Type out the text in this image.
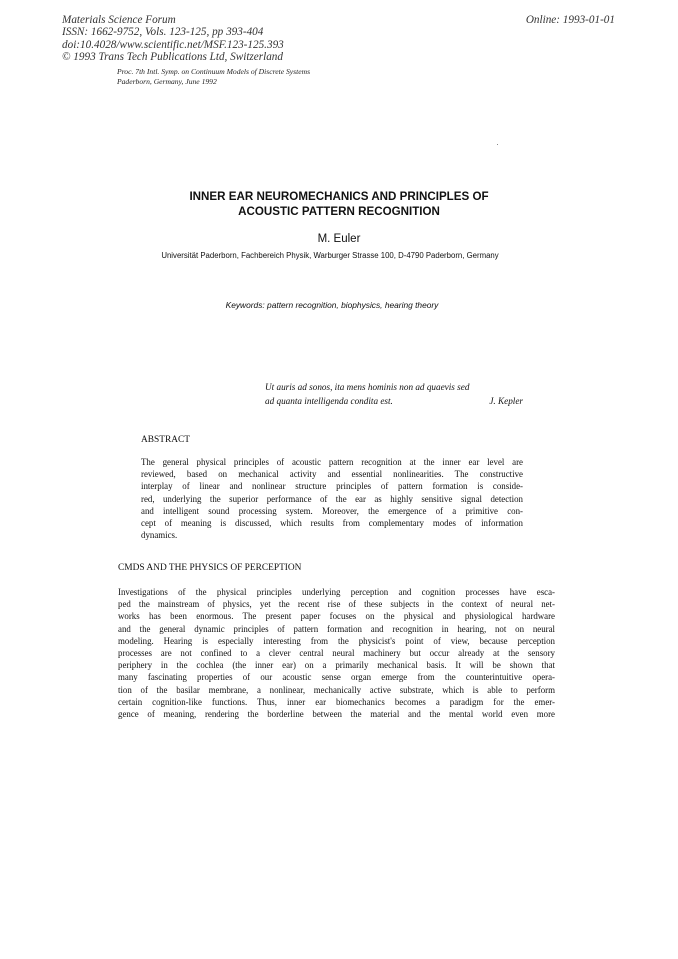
Materials Science Forum
ISSN: 1662-9752, Vols. 123-125, pp 393-404
doi:10.4028/www.scientific.net/MSF.123-125.393
© 1993 Trans Tech Publications Ltd, Switzerland
Online: 1993-01-01
Proc. 7th Intl. Symp. on Continuum Models of Discrete Systems
Paderborn, Germany, June 1992
INNER EAR NEUROMECHANICS AND PRINCIPLES OF
ACOUSTIC PATTERN RECOGNITION
M. Euler
Universität Paderborn, Fachbereich Physik, Warburger Strasse 100, D-4790 Paderborn, Germany
Keywords: pattern recognition, biophysics, hearing theory
Ut auris ad sonos, ita mens hominis non ad quaevis sed
ad quanta intelligenda condita est.	J. Kepler
ABSTRACT
The general physical principles of acoustic pattern recognition at the inner ear level are
reviewed, based on mechanical activity and essential nonlinearities. The constructive
interplay of linear and nonlinear structure principles of pattern formation is conside-
red, underlying the superior performance of the ear as highly sensitive signal detection
and intelligent sound processing system. Moreover, the emergence of a primitive con-
cept of meaning is discussed, which results from complementary modes of information
dynamics.
CMDS AND THE PHYSICS OF PERCEPTION
Investigations of the physical principles underlying perception and cognition processes have esca-
ped the mainstream of physics, yet the recent rise of these subjects in the context of neural net-
works has been enormous. The present paper focuses on the physical and physiological hardware
and the general dynamic principles of pattern formation and recognition in hearing, not on neural
modeling. Hearing is especially interesting from the physicist's point of view, because perception
processes are not confined to a clever central neural machinery but occur already at the sensory
periphery in the cochlea (the inner ear) on a primarily mechanical basis. It will be shown that
many fascinating properties of our acoustic sense organ emerge from the counterintuitive opera-
tion of the basilar membrane, a nonlinear, mechanically active substrate, which is able to perform
certain cognition-like functions. Thus, inner ear biomechanics becomes a paradigm for the emer-
gence of meaning, rendering the borderline between the material and the mental world even more
